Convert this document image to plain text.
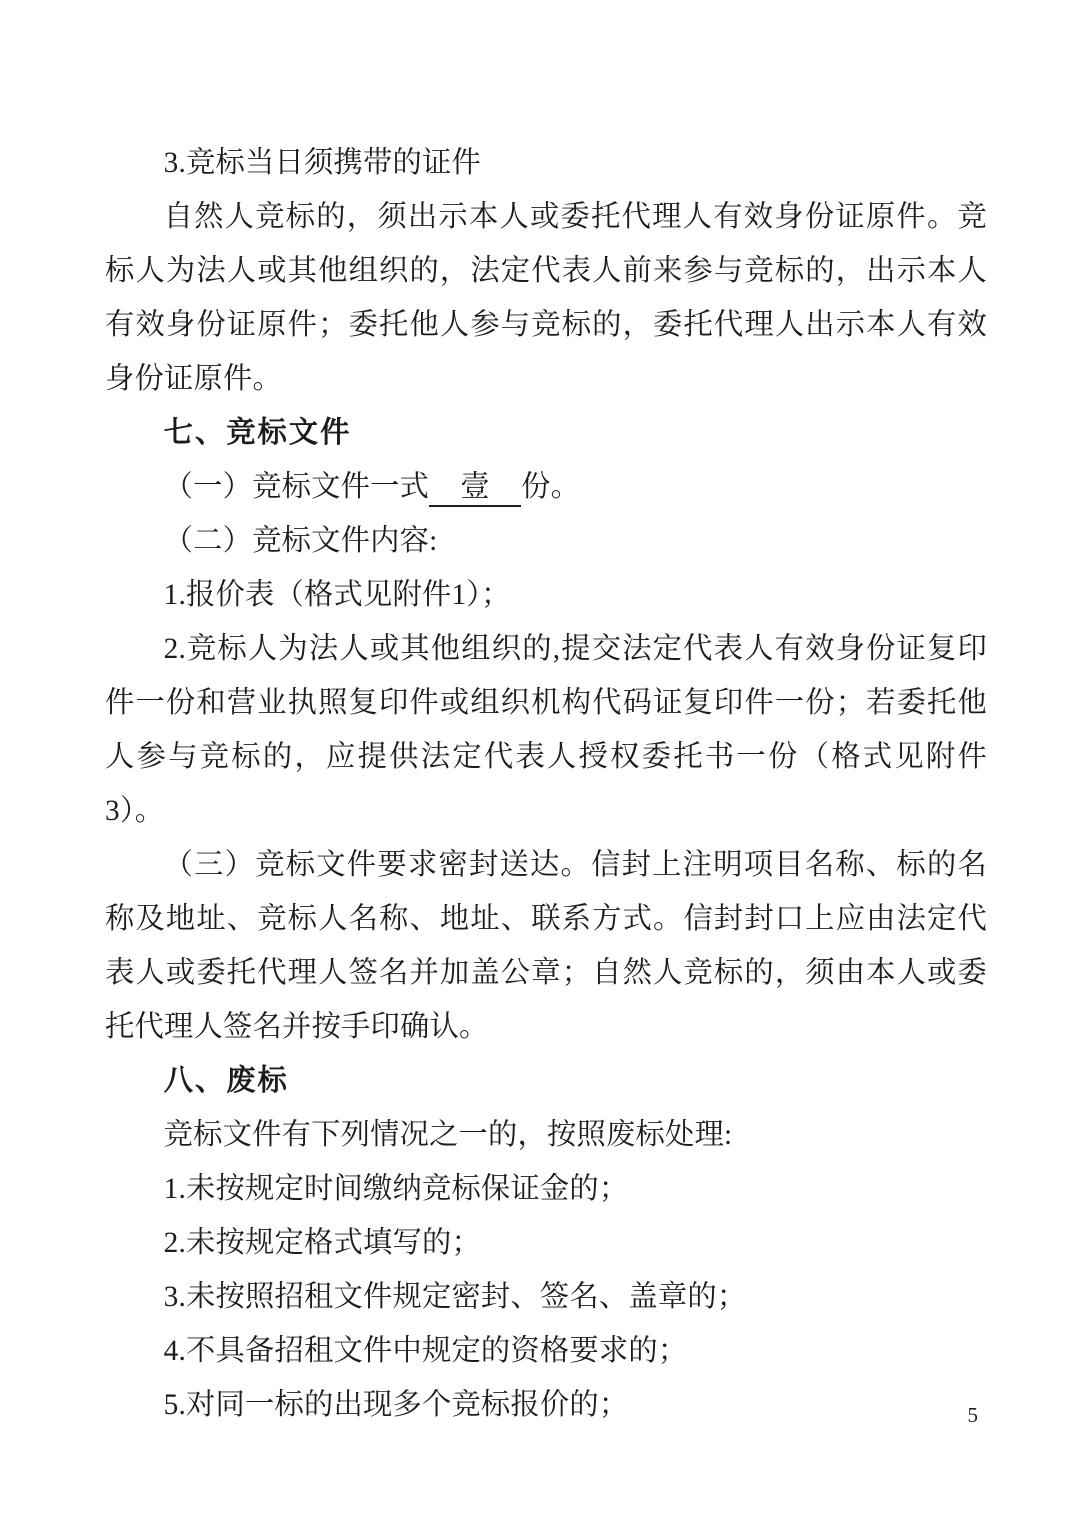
3.竞标当日须携带的证件

自然人竞标的，须出示本人或委托代理人有效身份证原件。竞标人为法人或其他组织的，法定代表人前来参与竞标的，出示本人有效身份证原件；委托他人参与竞标的，委托代理人出示本人有效身份证原件。

七、竞标文件

（一）竞标文件一式 壹 份。

（二）竞标文件内容:

1.报价表（格式见附件1）；

2.竞标人为法人或其他组织的,提交法定代表人有效身份证复印件一份和营业执照复印件或组织机构代码证复印件一份；若委托他人参与竞标的，应提供法定代表人授权委托书一份（格式见附件3）。

（三）竞标文件要求密封送达。信封上注明项目名称、标的名称及地址、竞标人名称、地址、联系方式。信封封口上应由法定代表人或委托代理人签名并加盖公章；自然人竞标的，须由本人或委托代理人签名并按手印确认。

八、废标

竞标文件有下列情况之一的，按照废标处理:

1.未按规定时间缴纳竞标保证金的；

2.未按规定格式填写的；

3.未按照招租文件规定密封、签名、盖章的；

4.不具备招租文件中规定的资格要求的；

5.对同一标的出现多个竞标报价的；	5
